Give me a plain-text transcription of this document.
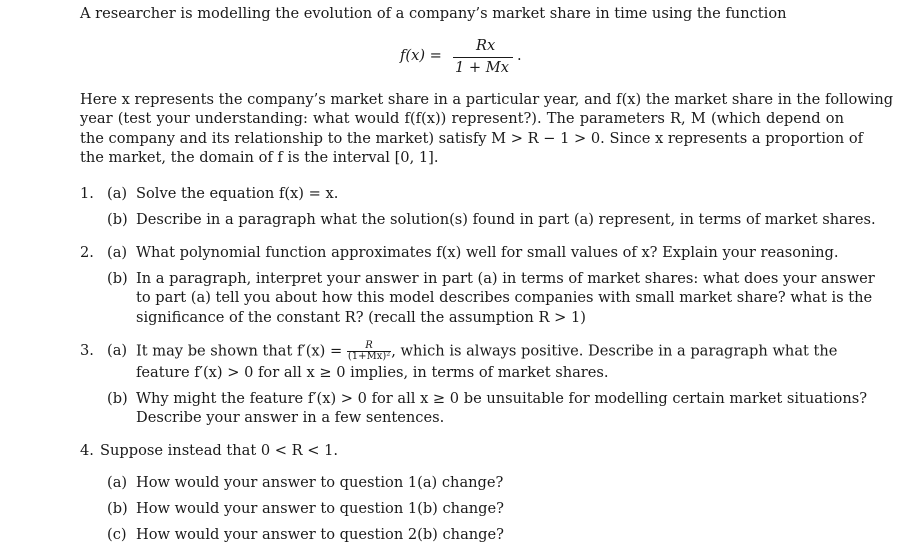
A researcher is modelling the evolution of a company’s market share in time using the function
f(x) =
Rx
1 + Mx
.
Here x represents the company’s market share in a particular year, and f(x) the market share in the following
year (test your understanding: what would f(f(x)) represent?). The parameters R, M (which depend on
the company and its relationship to the market) satisfy M > R − 1 > 0. Since x represents a proportion of
the market, the domain of f is the interval [0, 1].
1. (a) Solve the equation f(x) = x.
(b) Describe in a paragraph what the solution(s) found in part (a) represent, in terms of market shares.
2. (a) What polynomial function approximates f(x) well for small values of x? Explain your reasoning.
(b) In a paragraph, interpret your answer in part (a) in terms of market shares: what does your answer
to part (a) tell you about how this model describes companies with small market share? what is the
significance of the constant R? (recall the assumption R > 1)
3. (a) It may be shown that $f'(x) = \frac{R}{\text{(1+Mx)²}}$ , which is always positive. Describe in a paragraph what the
feature f′(x) > 0 for all x ≥ 0 implies, in terms of market shares.
(b) Why might the feature f′(x) > 0 for all x ≥ 0 be unsuitable for modelling certain market situations?
Describe your answer in a few sentences.
4. Suppose instead that 0 < R < 1.
(a) How would your answer to question 1(a) change?
(b) How would your answer to question 1(b) change?
(c) How would your answer to question 2(b) change?
